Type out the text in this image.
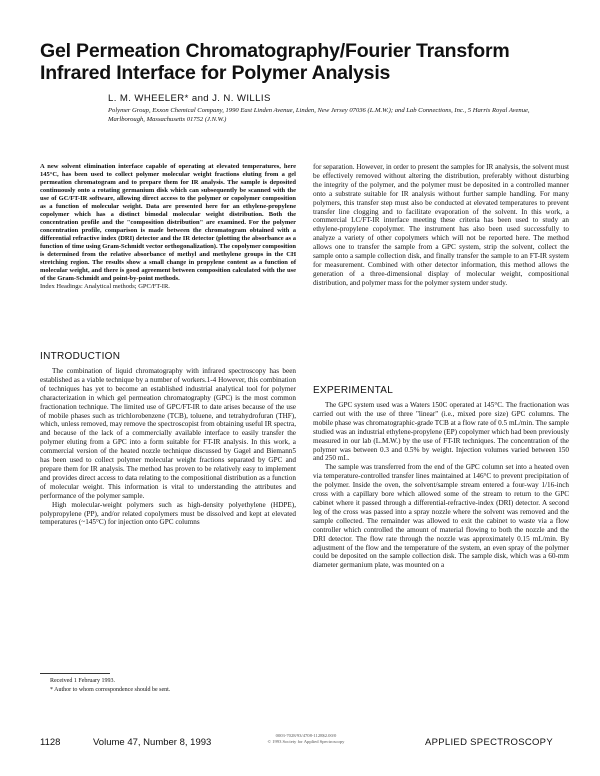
Gel Permeation Chromatography/Fourier Transform Infrared Interface for Polymer Analysis
L. M. WHEELER* and J. N. WILLIS
Polymer Group, Exxon Chemical Company, 1990 East Linden Avenue, Linden, New Jersey 07036 (L.M.W.); and Lab Connections, Inc., 5 Harris Royal Avenue, Marlborough, Massachusetts 01752 (J.N.W.)
A new solvent elimination interface capable of operating at elevated temperatures, here 145°C, has been used to collect polymer molecular weight fractions eluting from a gel permeation chromatogram and to prepare them for IR analysis. The sample is deposited continuously onto a rotating germanium disk which can subsequently be scanned with the use of GC/FT-IR software, allowing direct access to the polymer or copolymer composition as a function of molecular weight. Data are presented here for an ethylene-propylene copolymer which has a distinct bimodal molecular weight distribution. Both the concentration profile and the "composition distribution" are examined. For the polymer concentration profile, comparison is made between the chromatogram obtained with a differential refractive index (DRI) detector and the IR detector (plotting the absorbance as a function of time using Gram-Schmidt vector orthogonalization). The copolymer composition is determined from the relative absorbance of methyl and methylene groups in the CH stretching region. The results show a small change in propylene content as a function of molecular weight, and there is good agreement between composition calculated with the use of the Gram-Schmidt and point-by-point methods.
Index Headings: Analytical methods; GPC/FT-IR.
INTRODUCTION

The combination of liquid chromatography with infrared spectroscopy has been established as a viable technique by a number of workers.1-4 However, this combination of techniques has yet to become an established industrial analytical tool for polymer characterization in which gel permeation chromatography (GPC) is the most common fractionation technique. The limited use of GPC/FT-IR to date arises because of the use of mobile phases such as trichlorobenzene (TCB), toluene, and tetrahydrofuran (THF), which, unless removed, may remove the spectroscopist from obtaining useful IR spectra, and because of the lack of a commercially available interface to easily transfer the polymer eluting from a GPC into a form suitable for FT-IR analysis. In this work, a commercial version of the heated nozzle technique discussed by Gagel and Biemann5 has been used to collect polymer molecular weight fractions separated by GPC and prepare them for IR analysis. The method has proven to be relatively easy to implement and provides direct access to data relating to the compositional distribution as a function of molecular weight. This information is vital to understanding the attributes and performance of the polymer sample.

High molecular-weight polymers such as high-density polyethylene (HDPE), polypropylene (PP), and/or related copolymers must be dissolved and kept at elevated temperatures (~145°C) for injection onto GPC columns

for separation. However, in order to present the samples for IR analysis, the solvent must be effectively removed without altering the distribution, preferably without disturbing the integrity of the polymer, and the polymer must be deposited in a controlled manner onto a substrate suitable for IR analysis without further sample handling. For many polymers, this transfer step must also be conducted at elevated temperatures to prevent transfer line clogging and to facilitate evaporation of the solvent. In this work, a commercial LC/FT-IR interface meeting these criteria has been used to study an ethylene-propylene copolymer. The instrument has also been used successfully to analyze a variety of other copolymers which will not be reported here. The method allows one to transfer the sample from a GPC system, strip the solvent, collect the sample onto a sample collection disk, and finally transfer the sample to an FT-IR system for measurement. Combined with other detector information, this method allows the generation of a three-dimensional display of molecular weight, compositional distribution, and polymer mass for the polymer system under study.

EXPERIMENTAL

The GPC system used was a Waters 150C operated at 145°C. The fractionation was carried out with the use of three "linear" (i.e., mixed pore size) GPC columns. The mobile phase was chromatographic-grade TCB at a flow rate of 0.5 mL/min. The sample studied was an industrial ethylene-propylene (EP) copolymer which had been previously measured in our lab (L.M.W.) by the use of FT-IR techniques. The concentration of the polymer was between 0.3 and 0.5% by weight. Injection volumes varied between 150 and 250 mL.

The sample was transferred from the end of the GPC column set into a heated oven via temperature-controlled transfer lines maintained at 146°C to prevent precipitation of the polymer. Inside the oven, the solvent/sample stream entered a four-way 1/16-inch cross with a capillary bore which allowed some of the stream to return to the GPC cabinet where it passed through a differential-refractive-index (DRI) detector. A second leg of the cross was passed into a spray nozzle where the solvent was removed and the sample collected. The remainder was allowed to exit the cabinet to waste via a flow controller which controlled the amount of material flowing to both the nozzle and the DRI detector. The flow rate through the nozzle was approximately 0.15 mL/min. By adjustment of the flow and the temperature of the system, an even spray of the polymer could be deposited on the sample collection disk. The sample disk, which was a 60-mm diameter germanium plate, was mounted on a

Received 1 February 1993.
* Author to whom correspondence should be sent.
1128	Volume 47, Number 8, 1993
0003-7028/93/4708-1128$2.00/0
© 1993 Society for Applied Spectroscopy	APPLIED SPECTROSCOPY
